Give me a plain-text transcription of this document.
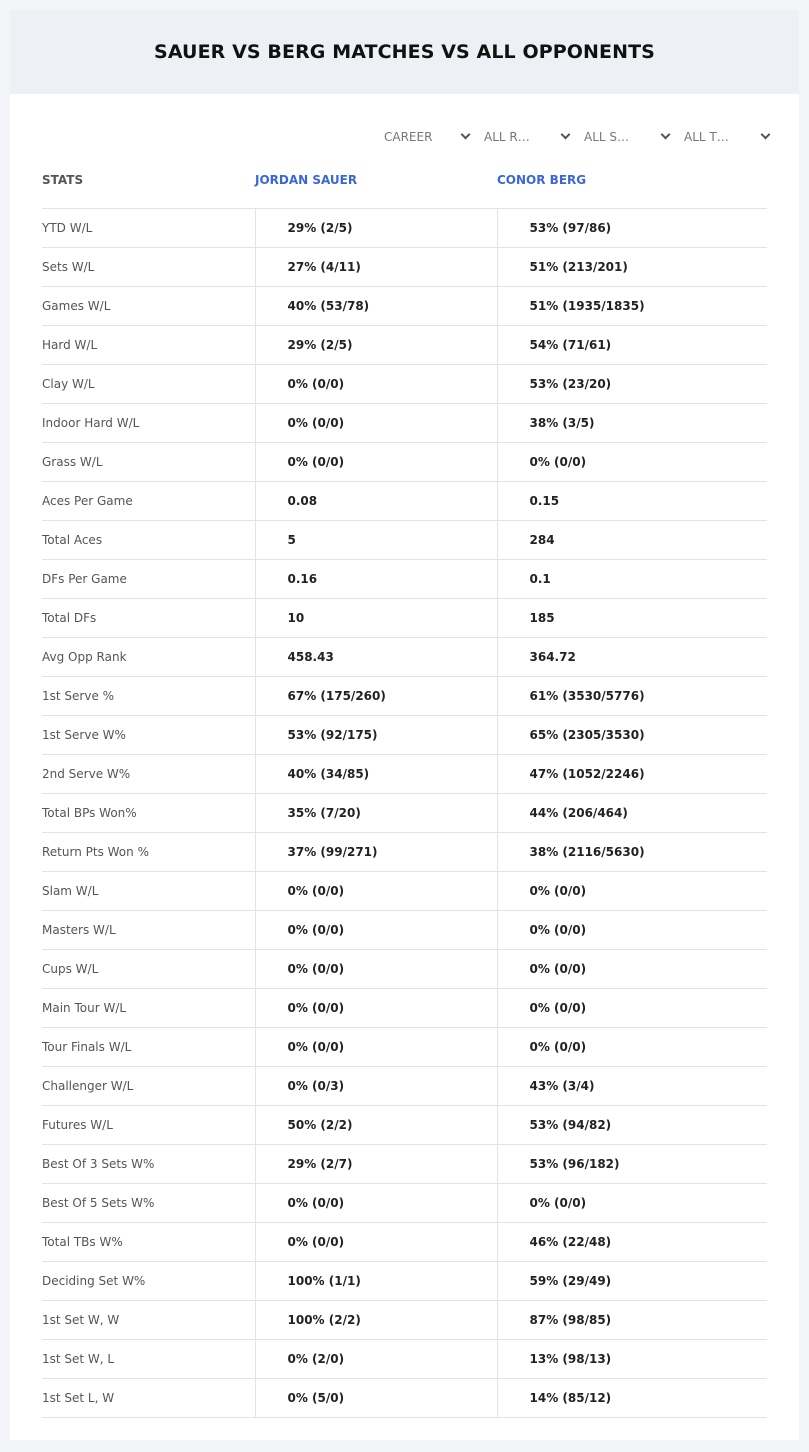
SAUER VS BERG MATCHES VS ALL OPPONENTS
CAREER	ALL R…	ALL S…	ALL T…
STATS	JORDAN SAUER	CONOR BERG
YTD W/L	29% (2/5)	53% (97/86)
Sets W/L	27% (4/11)	51% (213/201)
Games W/L	40% (53/78)	51% (1935/1835)
Hard W/L	29% (2/5)	54% (71/61)
Clay W/L	0% (0/0)	53% (23/20)
Indoor Hard W/L	0% (0/0)	38% (3/5)
Grass W/L	0% (0/0)	0% (0/0)
Aces Per Game	0.08	0.15
Total Aces	5	284
DFs Per Game	0.16	0.1
Total DFs	10	185
Avg Opp Rank	458.43	364.72
1st Serve %	67% (175/260)	61% (3530/5776)
1st Serve W%	53% (92/175)	65% (2305/3530)
2nd Serve W%	40% (34/85)	47% (1052/2246)
Total BPs Won%	35% (7/20)	44% (206/464)
Return Pts Won %	37% (99/271)	38% (2116/5630)
Slam W/L	0% (0/0)	0% (0/0)
Masters W/L	0% (0/0)	0% (0/0)
Cups W/L	0% (0/0)	0% (0/0)
Main Tour W/L	0% (0/0)	0% (0/0)
Tour Finals W/L	0% (0/0)	0% (0/0)
Challenger W/L	0% (0/3)	43% (3/4)
Futures W/L	50% (2/2)	53% (94/82)
Best Of 3 Sets W%	29% (2/7)	53% (96/182)
Best Of 5 Sets W%	0% (0/0)	0% (0/0)
Total TBs W%	0% (0/0)	46% (22/48)
Deciding Set W%	100% (1/1)	59% (29/49)
1st Set W, W	100% (2/2)	87% (98/85)
1st Set W, L	0% (2/0)	13% (98/13)
1st Set L, W	0% (5/0)	14% (85/12)
